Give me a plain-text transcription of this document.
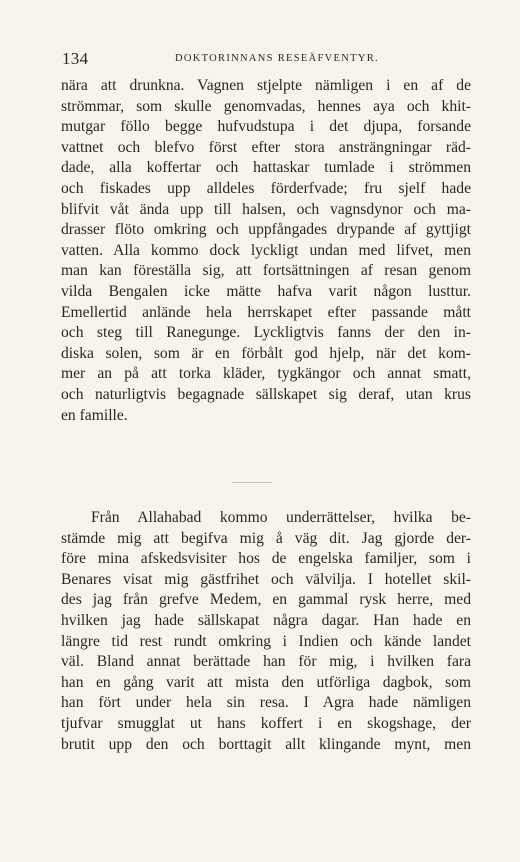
134	DOKTORINNANS RESEÄFVENTYR.
nära att drunkna. Vagnen stjelpte nämligen i en af de
strömmar, som skulle genomvadas, hennes aya och khit-
mutgar föllo begge hufvudstupa i det djupa, forsande
vattnet och blefvo först efter stora ansträngningar räd-
dade, alla koffertar och hattaskar tumlade i strömmen
och fiskades upp alldeles förderfvade; fru sjelf hade
blifvit våt ända upp till halsen, och vagnsdynor och ma-
drasser flöto omkring och uppfångades drypande af gyttjigt
vatten. Alla kommo dock lyckligt undan med lifvet, men
man kan föreställa sig, att fortsättningen af resan genom
vilda Bengalen icke mätte hafva varit någon lusttur.
Emellertid anlände hela herrskapet efter passande mått
och steg till Ranegunge. Lyckligtvis fanns der den in-
diska solen, som är en förbålt god hjelp, när det kom-
mer an på att torka kläder, tygkängor och annat smatt,
och naturligtvis begagnade sällskapet sig deraf, utan krus
en famille.
Från Allahabad kommo underrättelser, hvilka be-
stämde mig att begifva mig å väg dit. Jag gjorde der-
före mina afskedsvisiter hos de engelska familjer, som i
Benares visat mig gästfrihet och välvilja. I hotellet skil-
des jag från grefve Medem, en gammal rysk herre, med
hvilken jag hade sällskapat några dagar. Han hade en
längre tid rest rundt omkring i Indien och kände landet
väl. Bland annat berättade han för mig, i hvilken fara
han en gång varit att mista den utförliga dagbok, som
han fört under hela sin resa. I Agra hade nämligen
tjufvar smugglat ut hans koffert i en skogshage, der
brutit upp den och borttagit allt klingande mynt, men
